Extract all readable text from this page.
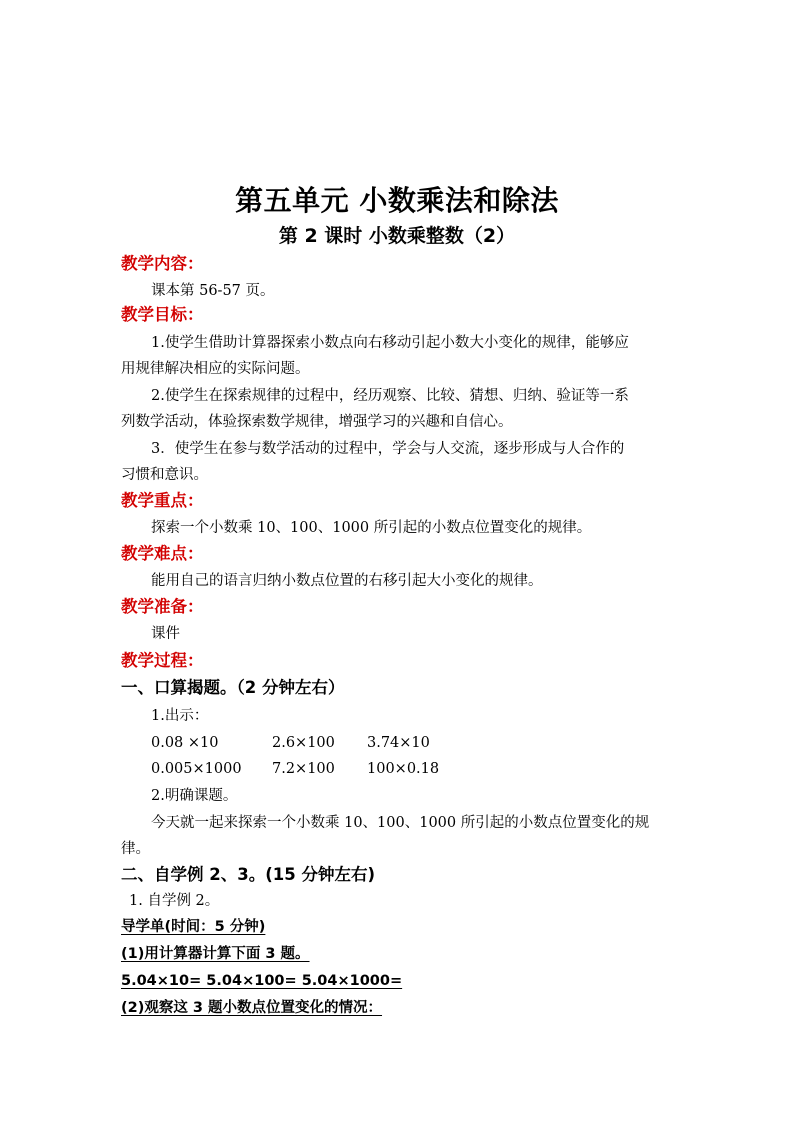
第五单元 小数乘法和除法
第 2 课时 小数乘整数（2）
教学内容：
课本第 56-57 页。
教学目标：
1.使学生借助计算器探索小数点向右移动引起小数大小变化的规律，能够应
用规律解决相应的实际问题。
2.使学生在探索规律的过程中，经历观察、比较、猜想、归纳、验证等一系
列数学活动，体验探索数学规律，增强学习的兴趣和自信心。
3．使学生在参与数学活动的过程中，学会与人交流，逐步形成与人合作的
习惯和意识。
教学重点：
探索一个小数乘 10、100、1000 所引起的小数点位置变化的规律。
教学难点：
能用自己的语言归纳小数点位置的右移引起大小变化的规律。
教学准备：
课件
教学过程：
一、口算揭题。（2 分钟左右）
1.出示：
0.08 ×10	2.6×100 3.74×10
0.005×1000 7.2×100 100×0.18
2.明确课题。
今天就一起来探索一个小数乘 10、100、1000 所引起的小数点位置变化的规
律。
二、自学例 2、3。(15 分钟左右)
1. 自学例 2。
导学单(时间：5 分钟)
(1)用计算器计算下面 3 题。
5.04×10= 5.04×100= 5.04×1000=
(2)观察这 3 题小数点位置变化的情况：
